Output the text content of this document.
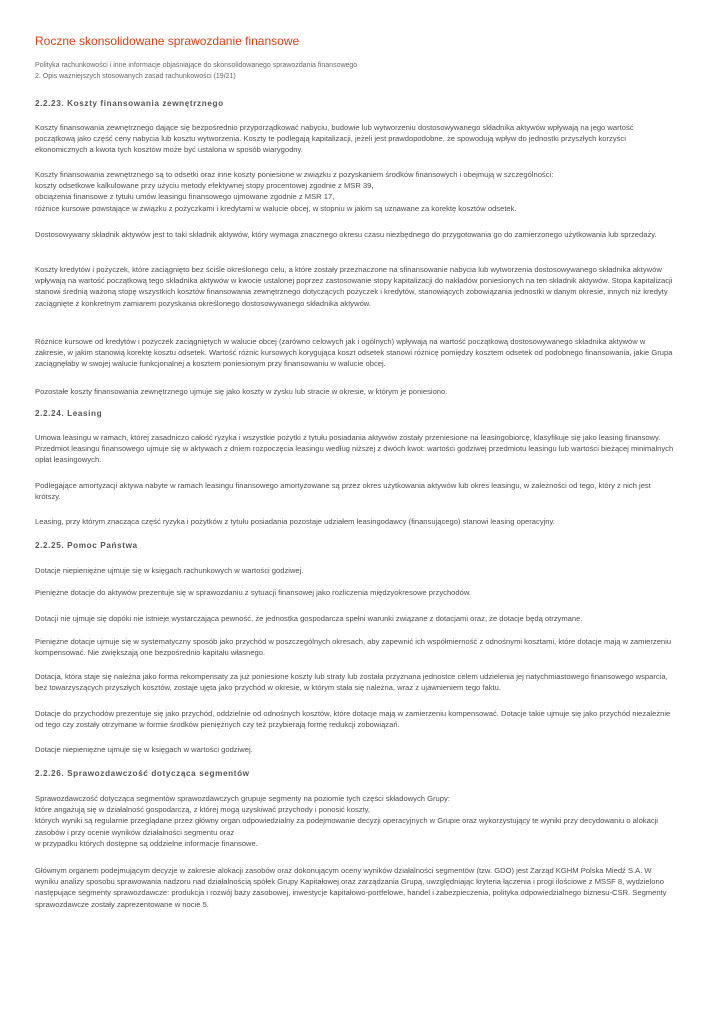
Roczne skonsolidowane sprawozdanie finansowe
Polityka rachunkowości i inne informacje objaśniające do skonsolidowanego sprawozdania finansowego
2. Opis ważniejszych stosowanych zasad rachunkowości (19/21)
2.2.23. Koszty finansowania zewnętrznego
Koszty finansowania zewnętrznego dające się bezpośrednio przyporządkować nabyciu, budowie lub wytworzeniu dostosowywanego składnika aktywów wpływają na jego wartość początkową jako część ceny nabycia lub kosztu wytworzenia. Koszty te podlegają kapitalizacji, jeżeli jest prawdopodobne, że spowodują wpływ do jednostki przyszłych korzyści ekonomicznych a kwota tych kosztów może być ustalona w sposób wiarygodny.
Koszty finansowania zewnętrznego są to odsetki oraz inne koszty poniesione w związku z pozyskaniem środków finansowych i obejmują w szczególności:
koszty odsetkowe kalkulowane przy użyciu metody efektywnej stopy procentowej zgodnie z MSR 39,
obciążenia finansowe z tytułu umów leasingu finansowego ujmowane zgodnie z MSR 17,
różnice kursowe powstające w związku z pożyczkami i kredytami w walucie obcej, w stopniu w jakim są uznawane za korektę kosztów odsetek.
Dostosowywany składnik aktywów jest to taki składnik aktywów, który wymaga znacznego okresu czasu niezbędnego do przygotowania go do zamierzonego użytkowania lub sprzedaży.
Koszty kredytów i pożyczek, które zaciągnięto bez ściśle określonego celu, a które zostały przeznaczone na sfinansowanie nabycia lub wytworzenia dostosowywanego składnika aktywów wpływają na wartość początkową tego składnika aktywów w kwocie ustalonej poprzez zastosowanie stopy kapitalizacji do nakładów poniesionych na ten składnik aktywów. Stopa kapitalizacji stanowi średnią ważoną stopę wszystkich kosztów finansowania zewnętrznego dotyczących pożyczek i kredytów, stanowiących zobowiązania jednostki w danym okresie, innych niż kredyty zaciągnięte z konkretnym zamiarem pozyskania określonego dostosowywanego składnika aktywów.
Różnice kursowe od kredytów i pożyczek zaciągniętych w walucie obcej (zarówno celowych jak i ogólnych) wpływają na wartość początkową dostosowywanego składnika aktywów w zakresie, w jakim stanowią korektę kosztu odsetek. Wartość różnic kursowych korygująca koszt odsetek stanowi różnicę pomiędzy kosztem odsetek od podobnego finansowania, jakie Grupa zaciągnęłaby w swojej walucie funkcjonalnej a kosztem poniesionym przy finansowaniu w walucie obcej.
Pozostałe koszty finansowania zewnętrznego ujmuje się jako koszty w zysku lub stracie w okresie, w którym je poniesiono.
2.2.24. Leasing
Umowa leasingu w ramach, której zasadniczo całość ryzyka i wszystkie pożytki z tytułu posiadania aktywów zostały przeniesione na leasingobiorcę, klasyfikuje się jako leasing finansowy. Przedmiot leasingu finansowego ujmuje się w aktywach z dniem rozpoczęcia leasingu według niższej z dwóch kwot: wartości godziwej przedmiotu leasingu lub wartości bieżącej minimalnych opłat leasingowych.
Podlegające amortyzacji aktywa nabyte w ramach leasingu finansowego amortyzowane są przez okres użytkowania aktywów lub okres leasingu, w zależności od tego, który z nich jest krótszy.
Leasing, przy którym znacząca część ryzyka i pożytków z tytułu posiadania pozostaje udziałem leasingodawcy (finansującego) stanowi leasing operacyjny.
2.2.25. Pomoc Państwa
Dotacje niepieniężne ujmuje się w księgach rachunkowych w wartości godziwej.
Pieniężne dotacje do aktywów prezentuje się w sprawozdaniu z sytuacji finansowej jako rozliczenia międzyokresowe przychodów.
Dotacji nie ujmuje się dopóki nie istnieje wystarczająca pewność, że jednostka gospodarcza spełni warunki związane z dotacjami oraz, że dotacje będą otrzymane.
Pieniężne dotacje ujmuje się w systematyczny sposób jako przychód w poszczególnych okresach, aby zapewnić ich współmierność z odnośnymi kosztami, które dotacje mają w zamierzeniu kompensować. Nie zwiększają one bezpośrednio kapitału własnego.
Dotacja, która staje się należna jako forma rekompensaty za już poniesione koszty lub straty lub została przyznana jednostce celem udzielenia jej natychmiastowego finansowego wsparcia, bez towarzyszących przyszłych kosztów, zostaje ujęta jako przychód w okresie, w którym stała się należna, wraz z ujawnieniem tego faktu.
Dotacje do przychodów prezentuje się jako przychód, oddzielnie od odnośnych kosztów, które dotacje mają w zamierzeniu kompensować. Dotacje takie ujmuje się jako przychód niezależnie od tego czy zostały otrzymane w formie środków pieniężnych czy też przybierają formę redukcji zobowiązań.
Dotacje niepieniężne ujmuje się w księgach w wartości godziwej.
2.2.26. Sprawozdawczość dotycząca segmentów
Sprawozdawczość dotycząca segmentów sprawozdawczych grupuje segmenty na poziomie tych części składowych Grupy:
które angażują się w działalność gospodarczą, z której mogą uzyskiwać przychody i ponosić koszty,
których wyniki są regularnie przeglądane przez główny organ odpowiedzialny za podejmowanie decyzji operacyjnych w Grupie oraz wykorzystujący te wyniki przy decydowaniu o alokacji zasobów i przy ocenie wyników działalności segmentu oraz
w przypadku których dostępne są oddzielne informacje finansowe.
Głównym organem podejmującym decyzje w zakresie alokacji zasobów oraz dokonującym oceny wyników działalności segmentów (tzw. GDO) jest Zarząd KGHM Polska Miedź S.A. W wyniku analizy sposobu sprawowania nadzoru nad działalnością spółek Grupy Kapitałowej oraz zarządzania Grupą, uwzględniając kryteria łączenia i progi ilościowe z MSSF 8, wydzielono następujące segmenty sprawozdawcze: produkcja i rozwój bazy zasobowej, inwestycje kapitałowo-portfelowe, handel i zabezpieczenia, polityka odpowiedzialnego biznesu-CSR. Segmenty sprawozdawcze zostały zaprezentowane w nocie 5.
